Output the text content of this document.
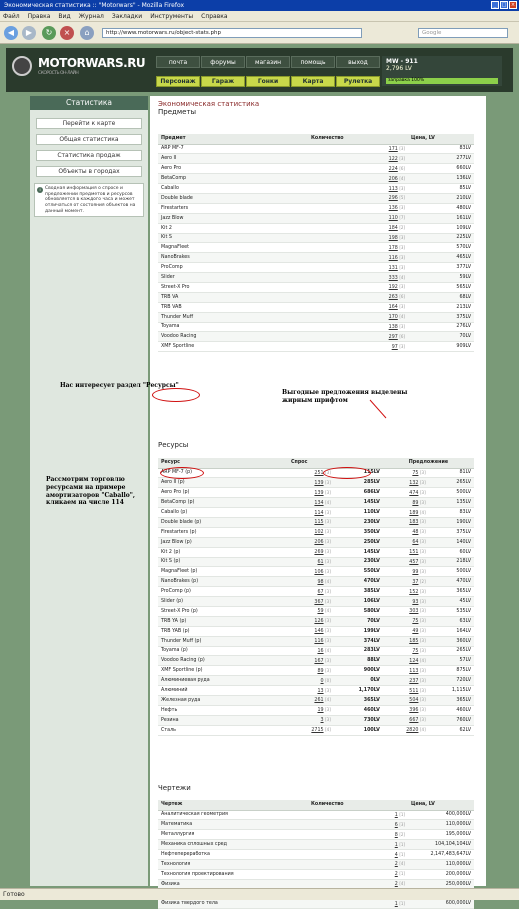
Экономическая статистика :: "Motorwars" - Mozilla Firefox	_	□ ×
Файл Правка Вид Журнал Закладки Инструменты Справка
◀	▶	↻	×	⌂	http://www.motorwars.ru/object-stats.php	Google
MOTORWARS.RU
СКОРОСТЬ ОН-ЛАЙН
почта	форумы	магазин	помощь	выход
Персонаж	Гараж	Гонки	Карта	Рулетка
MW - 911
2,796 LV
заправка 100%
Статистика
Перейти к карте
Общая статистика
Статистика продаж
Объекты в городах
i Сводная информация о спросе и предложении предметов и ресурсов обновляется в каждого часа и может отличаться от состояния объектов на данный момент.
Экономическая статистика
Предметы
Предмет	Количество	Цена, LV
ARP MF-7	171 [3]	83LV
Aero II	122 [3]	277LV
Aero Pro	224 [6]	660LV
BetaComp	206 [4]	136LV
Caballo	113 [3]	85LV
Double blade	296 [5]	210LV
Firestarters	136 [3]	480LV
Jazz Blow	110 [7]	161LV
Kit 2	184 [2]	109LV
Kit S	198 [3]	225LV
MagnaFleet	178 [3]	570LV
NanoBrakes	116 [3]	465LV
ProComp	131 [3]	377LV
Slider	333 [4]	59LV
Street-X Pro	192 [3]	565LV
TRB VA	263 [6]	68LV
TRB VAB	164 [3]	213LV
Thunder Muff	170 [4]	375LV
Toyama	138 [3]	276LV
Voodoo Racing	297 [6]	70LV
XMF Sportline	97 [3]	909LV
Ресурсы
Ресурс	Спрос		Предложение	
ARP MF-7 (р)	251 [3]	115LV	75 [3]	81LV
Aero II (р)	139 [3]	285LV	132 [3]	265LV
Aero Pro (р)	139 [3]	686LV	474 [3]	500LV
BetaComp (р)	134 [4]	145LV	89 [3]	135LV
Caballo (р)	114 [3]	110LV	189 [4]	83LV
Double blade (р)	115 [3]	230LV	183 [3]	190LV
Firestarters (р)	102 [3]	350LV	48 [3]	375LV
Jazz Blow (р)	206 [3]	250LV	64 [3]	140LV
Kit 2 (р)	269 [3]	145LV	151 [3]	60LV
Kit S (р)	61 [3]	230LV	457 [3]	218LV
MagnaFleet (р)	106 [3]	550LV	99 [3]	500LV
NanoBrakes (р)	98 [4]	470LV	37 [2]	470LV
ProComp (р)	67 [3]	385LV	152 [3]	365LV
Slider (р)	367 [3]	106LV	93 [3]	45LV
Street-X Pro (р)	59 [4]	580LV	303 [3]	535LV
TRB YA (р)	126 [3]	70LV	75 [3]	63LV
TRB YAB (р)	146 [3]	199LV	49 [3]	164LV
Thunder Muff (р)	116 [3]	374LV	185 [3]	360LV
Toyama (р)	16 [4]	283LV	75 [3]	265LV
Voodoo Racing (р)	167 [3]	88LV	124 [4]	57LV
XMF Sportline (р)	89 [3]	900LV	113 [3]	875LV
Алюминиевая руда	0 [0]	0LV	237 [3]	720LV
Алюминий	13 [3]	1,170LV	511 [3]	1,115LV
Железная руда	261 [4]	365LV	504 [3]	365LV
Нефть	19 [3]	460LV	396 [3]	460LV
Резина	3 [3]	730LV	667 [3]	760LV
Сталь	2715 [4]	100LV	2820 [4]	62LV
Чертежи
Чертеж	Количество	Цена, LV
Аналитическая геометрия	1 [1]	400,000LV
Математика	6 [3]	110,000LV
Металлургия	8 [2]	195,000LV
Механика сплошных сред	1 [1]	104,104,104LV
Нефтепереработка	4 [1]	2,147,483,647LV
Технология	2 [4]	110,000LV
Технология проектирования	2 [1]	200,000LV
Физика	2 [4]	250,000LV

Физика твердого тела	1 [1]	600,000LV
Нас интересует раздел "Ресурсы"
Выгодные предложения выделены жирным шрифтом
Рассмотрим торговлю ресурсами на примере амортизаторов "Caballo", кликаем на числе 114
Готово
